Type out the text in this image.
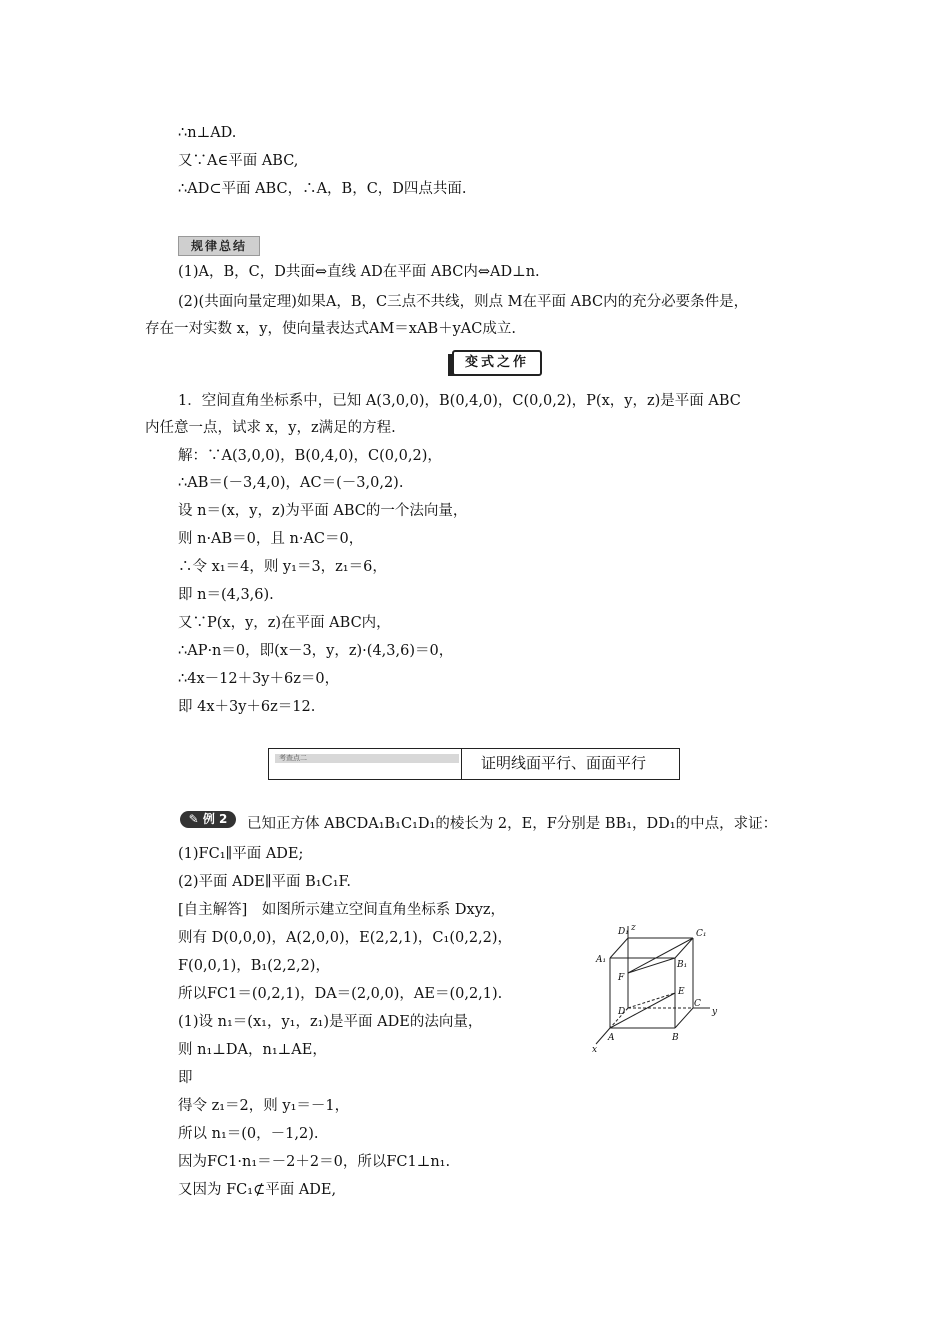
∴n⊥AD.
又∵A∈平面 ABC,
∴AD⊂平面 ABC，∴A，B，C，D四点共面.
规律总结
(1)A，B，C，D共面⇔直线 AD在平面 ABC内⇔AD⊥n.
(2)(共面向量定理)如果A，B，C三点不共线，则点 M在平面 ABC内的充分必要条件是，
存在一对实数 x，y，使向量表达式AM＝xAB＋yAC成立.
变式之作
1．空间直角坐标系中，已知 A(3,0,0)，B(0,4,0)，C(0,0,2)，P(x，y，z)是平面 ABC
内任意一点，试求 x，y，z满足的方程.
解：∵A(3,0,0)，B(0,4,0)，C(0,0,2)，
∴AB＝(－3,4,0)，AC＝(－3,0,2).
设 n＝(x，y，z)为平面 ABC的一个法向量，
则 n·AB＝0，且 n·AC＝0，
∴令 x₁＝4，则 y₁＝3，z₁＝6，
即 n＝(4,3,6).
又∵P(x，y，z)在平面 ABC内，
∴AP·n＝0，即(x－3，y，z)·(4,3,6)＝0，
∴4x－12＋3y＋6z＝0，
即 4x＋3y＋6z＝12.
考查点二	证明线面平行、面面平行
✎ 例 2	已知正方体 ABCDA₁B₁C₁D₁的棱长为 2，E，F分别是 BB₁，DD₁的中点，求证：
(1)FC₁∥平面 ADE;
(2)平面 ADE∥平面 B₁C₁F.
[自主解答]　如图所示建立空间直角坐标系 Dxyz，
则有 D(0,0,0)，A(2,0,0)，E(2,2,1)，C₁(0,2,2)，
F(0,0,1)，B₁(2,2,2)，
所以FC1＝(0,2,1)，DA＝(2,0,0)，AE＝(0,2,1).
(1)设 n₁＝(x₁，y₁，z₁)是平面 ADE的法向量，
则 n₁⊥DA，n₁⊥AE，
即
得令 z₁＝2，则 y₁＝－1，
所以 n₁＝(0，－1,2).
因为FC1·n₁＝－2＋2＝0，所以FC1⊥n₁.
又因为 FC₁⊄平面 ADE,
D₁ z
C₁
A₁	B₁
F
E
D
C
y
A	B
x
